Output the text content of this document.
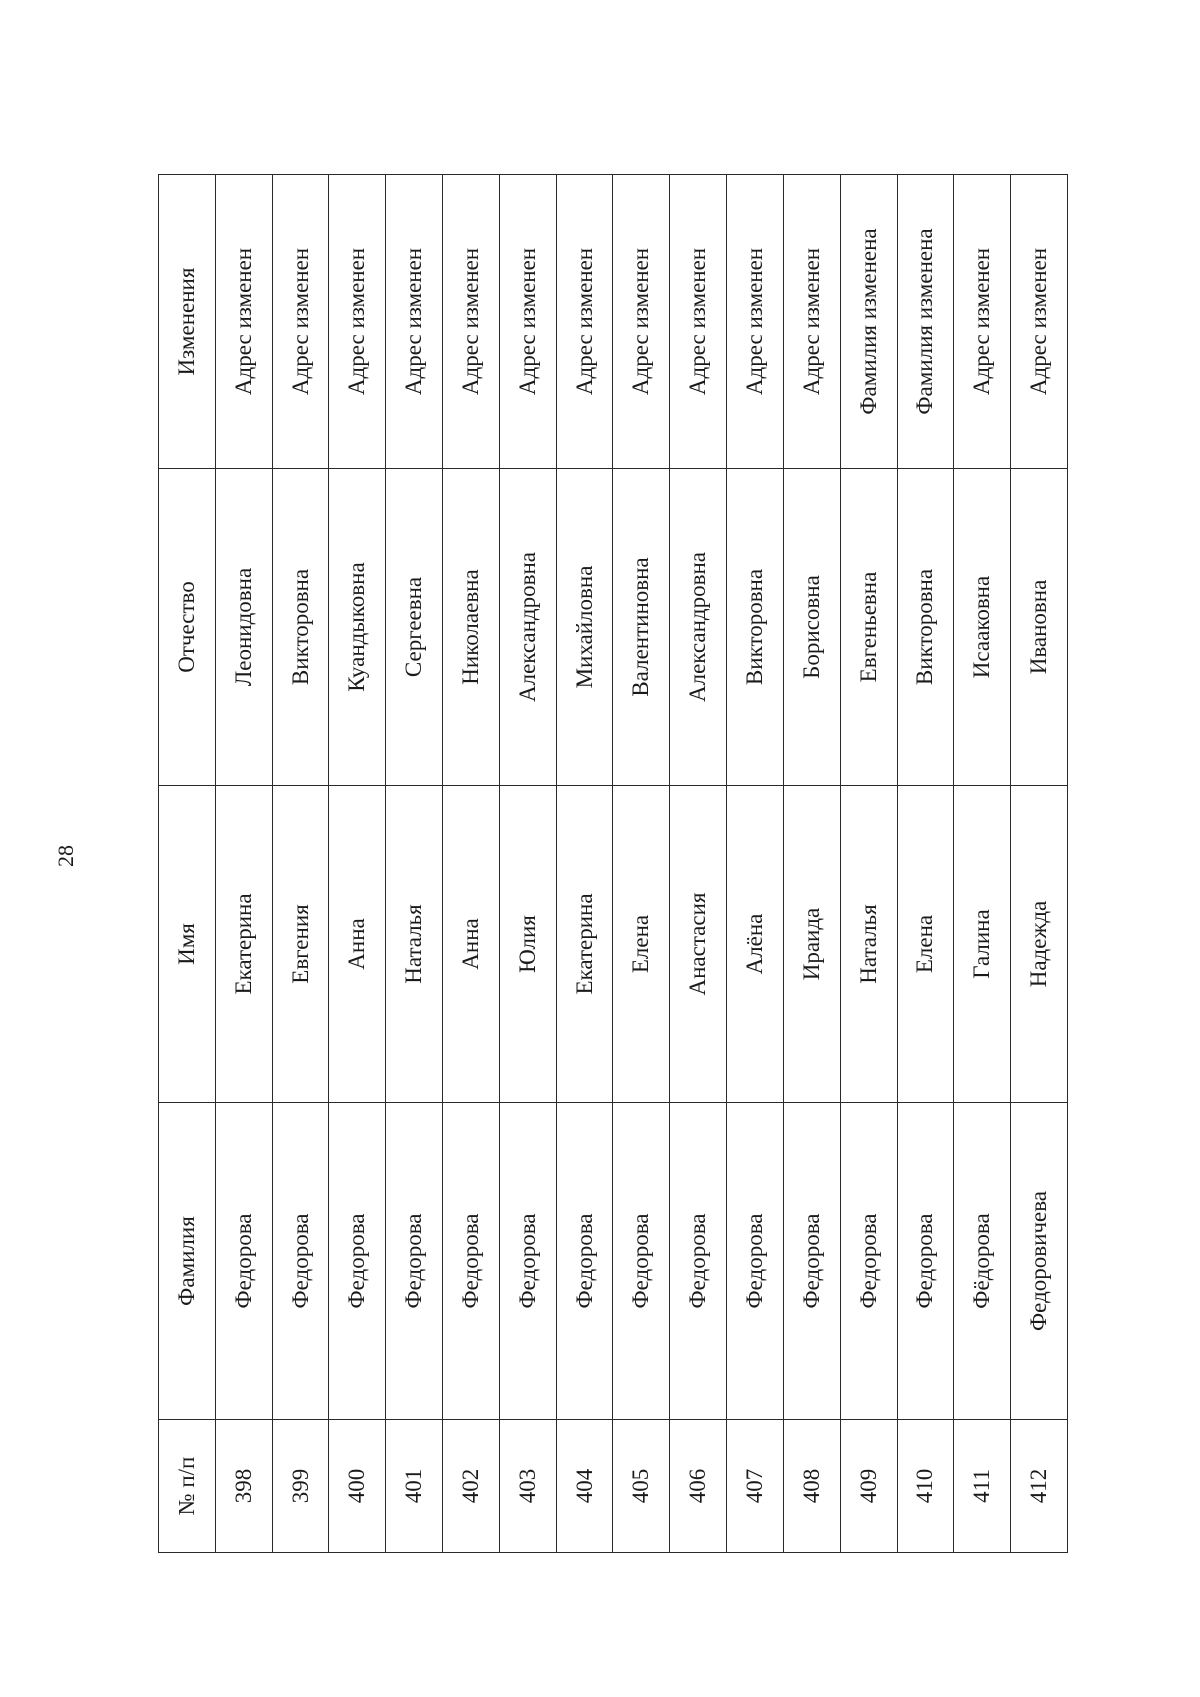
28
№ п/п	Фамилия	Имя	Отчество	Изменения
398	Федорова	Екатерина	Леонидовна	Адрес изменен
399	Федорова	Евгения	Викторовна	Адрес изменен
400	Федорова	Анна	Куандыковна	Адрес изменен
401	Федорова	Наталья	Сергеевна	Адрес изменен
402	Федорова	Анна	Николаевна	Адрес изменен
403	Федорова	Юлия	Александровна	Адрес изменен
404	Федорова	Екатерина	Михайловна	Адрес изменен
405	Федорова	Елена	Валентиновна	Адрес изменен
406	Федорова	Анастасия	Александровна	Адрес изменен
407	Федорова	Алёна	Викторовна	Адрес изменен
408	Федорова	Ираида	Борисовна	Адрес изменен
409	Федорова	Наталья	Евгеньевна	Фамилия изменена
410	Федорова	Елена	Викторовна	Фамилия изменена
411	Фёдорова	Галина	Исааковна	Адрес изменен
412	Федоровичева	Надежда	Ивановна	Адрес изменен
